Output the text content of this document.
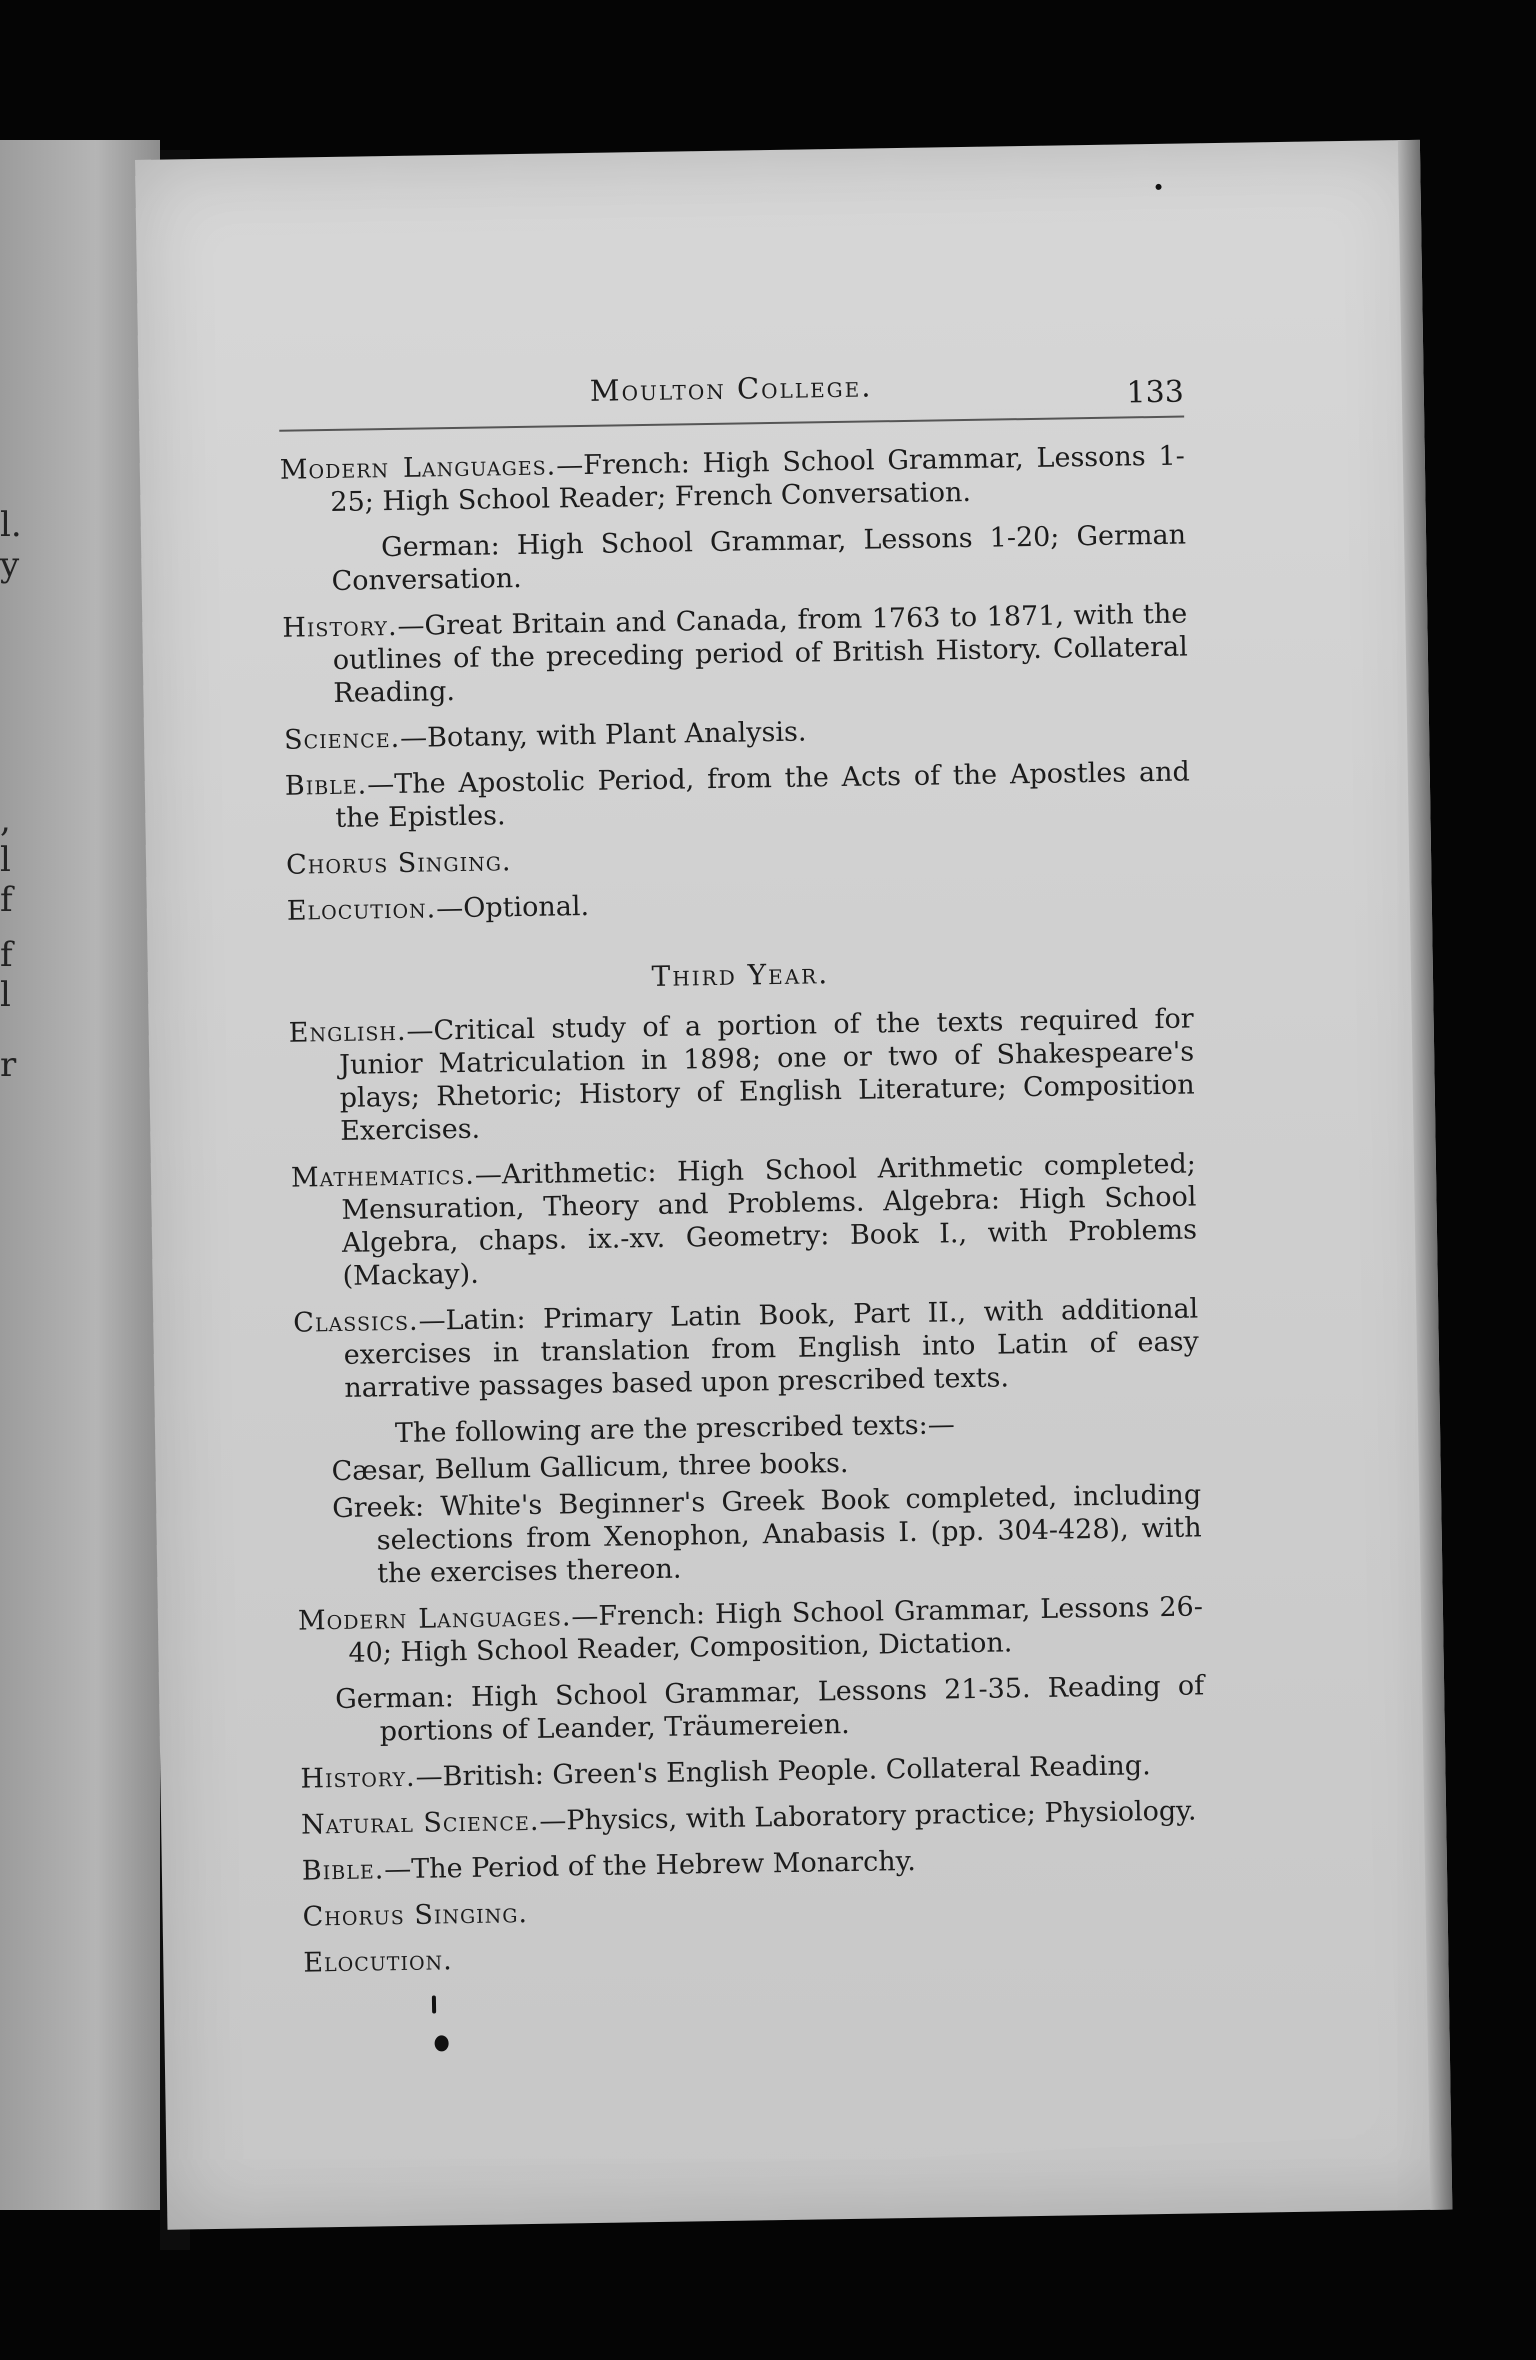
l.
y
,
l
f
f
l
r
Moulton College.	133

Modern Languages.—French: High School Grammar, Lessons 1-25; High School Reader; French Conversation.

German: High School Grammar, Lessons 1-20; German Conversation.

History.—Great Britain and Canada, from 1763 to 1871, with the outlines of the preceding period of British History. Collateral Reading.

Science.—Botany, with Plant Analysis.

Bible.—The Apostolic Period, from the Acts of the Apostles and the Epistles.

Chorus Singing.

Elocution.—Optional.

Third Year.

English.—Critical study of a portion of the texts required for Junior Matriculation in 1898; one or two of Shakespeare's plays; Rhetoric; History of English Literature; Composition Exercises.

Mathematics.—Arithmetic: High School Arithmetic completed; Mensuration, Theory and Problems. Algebra: High School Algebra, chaps. ix.-xv. Geometry: Book I., with Problems (Mackay).

Classics.—Latin: Primary Latin Book, Part II., with additional exercises in translation from English into Latin of easy narrative passages based upon prescribed texts.

The following are the prescribed texts:—

Cæsar, Bellum Gallicum, three books.

Greek: White's Beginner's Greek Book completed, including selections from Xenophon, Anabasis I. (pp. 304-428), with the exercises thereon.

Modern Languages.—French: High School Grammar, Lessons 26-40; High School Reader, Composition, Dictation.

German: High School Grammar, Lessons 21-35. Reading of portions of Leander, Träumereien.

History.—British: Green's English People. Collateral Reading.

Natural Science.—Physics, with Laboratory practice; Physiology.

Bible.—The Period of the Hebrew Monarchy.

Chorus Singing.

Elocution.
